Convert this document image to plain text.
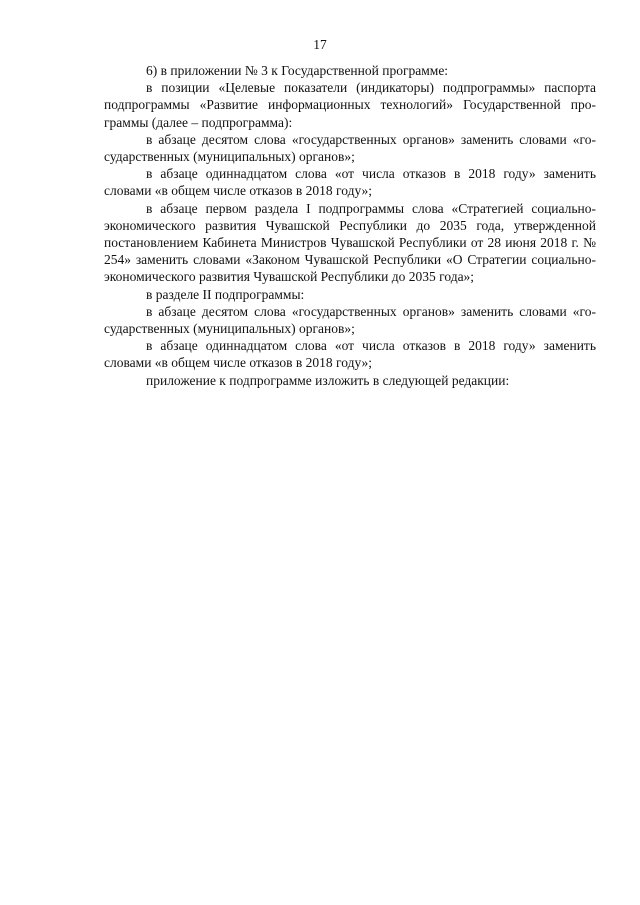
17

6) в приложении № 3 к Государственной программе:

в позиции «Целевые показатели (индикаторы) подпрограммы» паспорта подпрограммы «Развитие информационных технологий» Государственной программы (далее – подпрограмма):

в абзаце десятом слова «государственных органов» заменить словами «государственных (муниципальных) органов»;

в абзаце одиннадцатом слова «от числа отказов в 2018 году» заменить словами «в общем числе отказов в 2018 году»;

в абзаце первом раздела I подпрограммы слова «Стратегией социально-экономического развития Чувашской Республики до 2035 года, утвержденной постановлением Кабинета Министров Чувашской Республики от 28 июня 2018 г. № 254» заменить словами «Законом Чувашской Республики «О Стратегии социально-экономического развития Чувашской Республики до 2035 года»;

в разделе II подпрограммы:

в абзаце десятом слова «государственных органов» заменить словами «государственных (муниципальных) органов»;

в абзаце одиннадцатом слова «от числа отказов в 2018 году» заменить словами «в общем числе отказов в 2018 году»;

приложение к подпрограмме изложить в следующей редакции:
